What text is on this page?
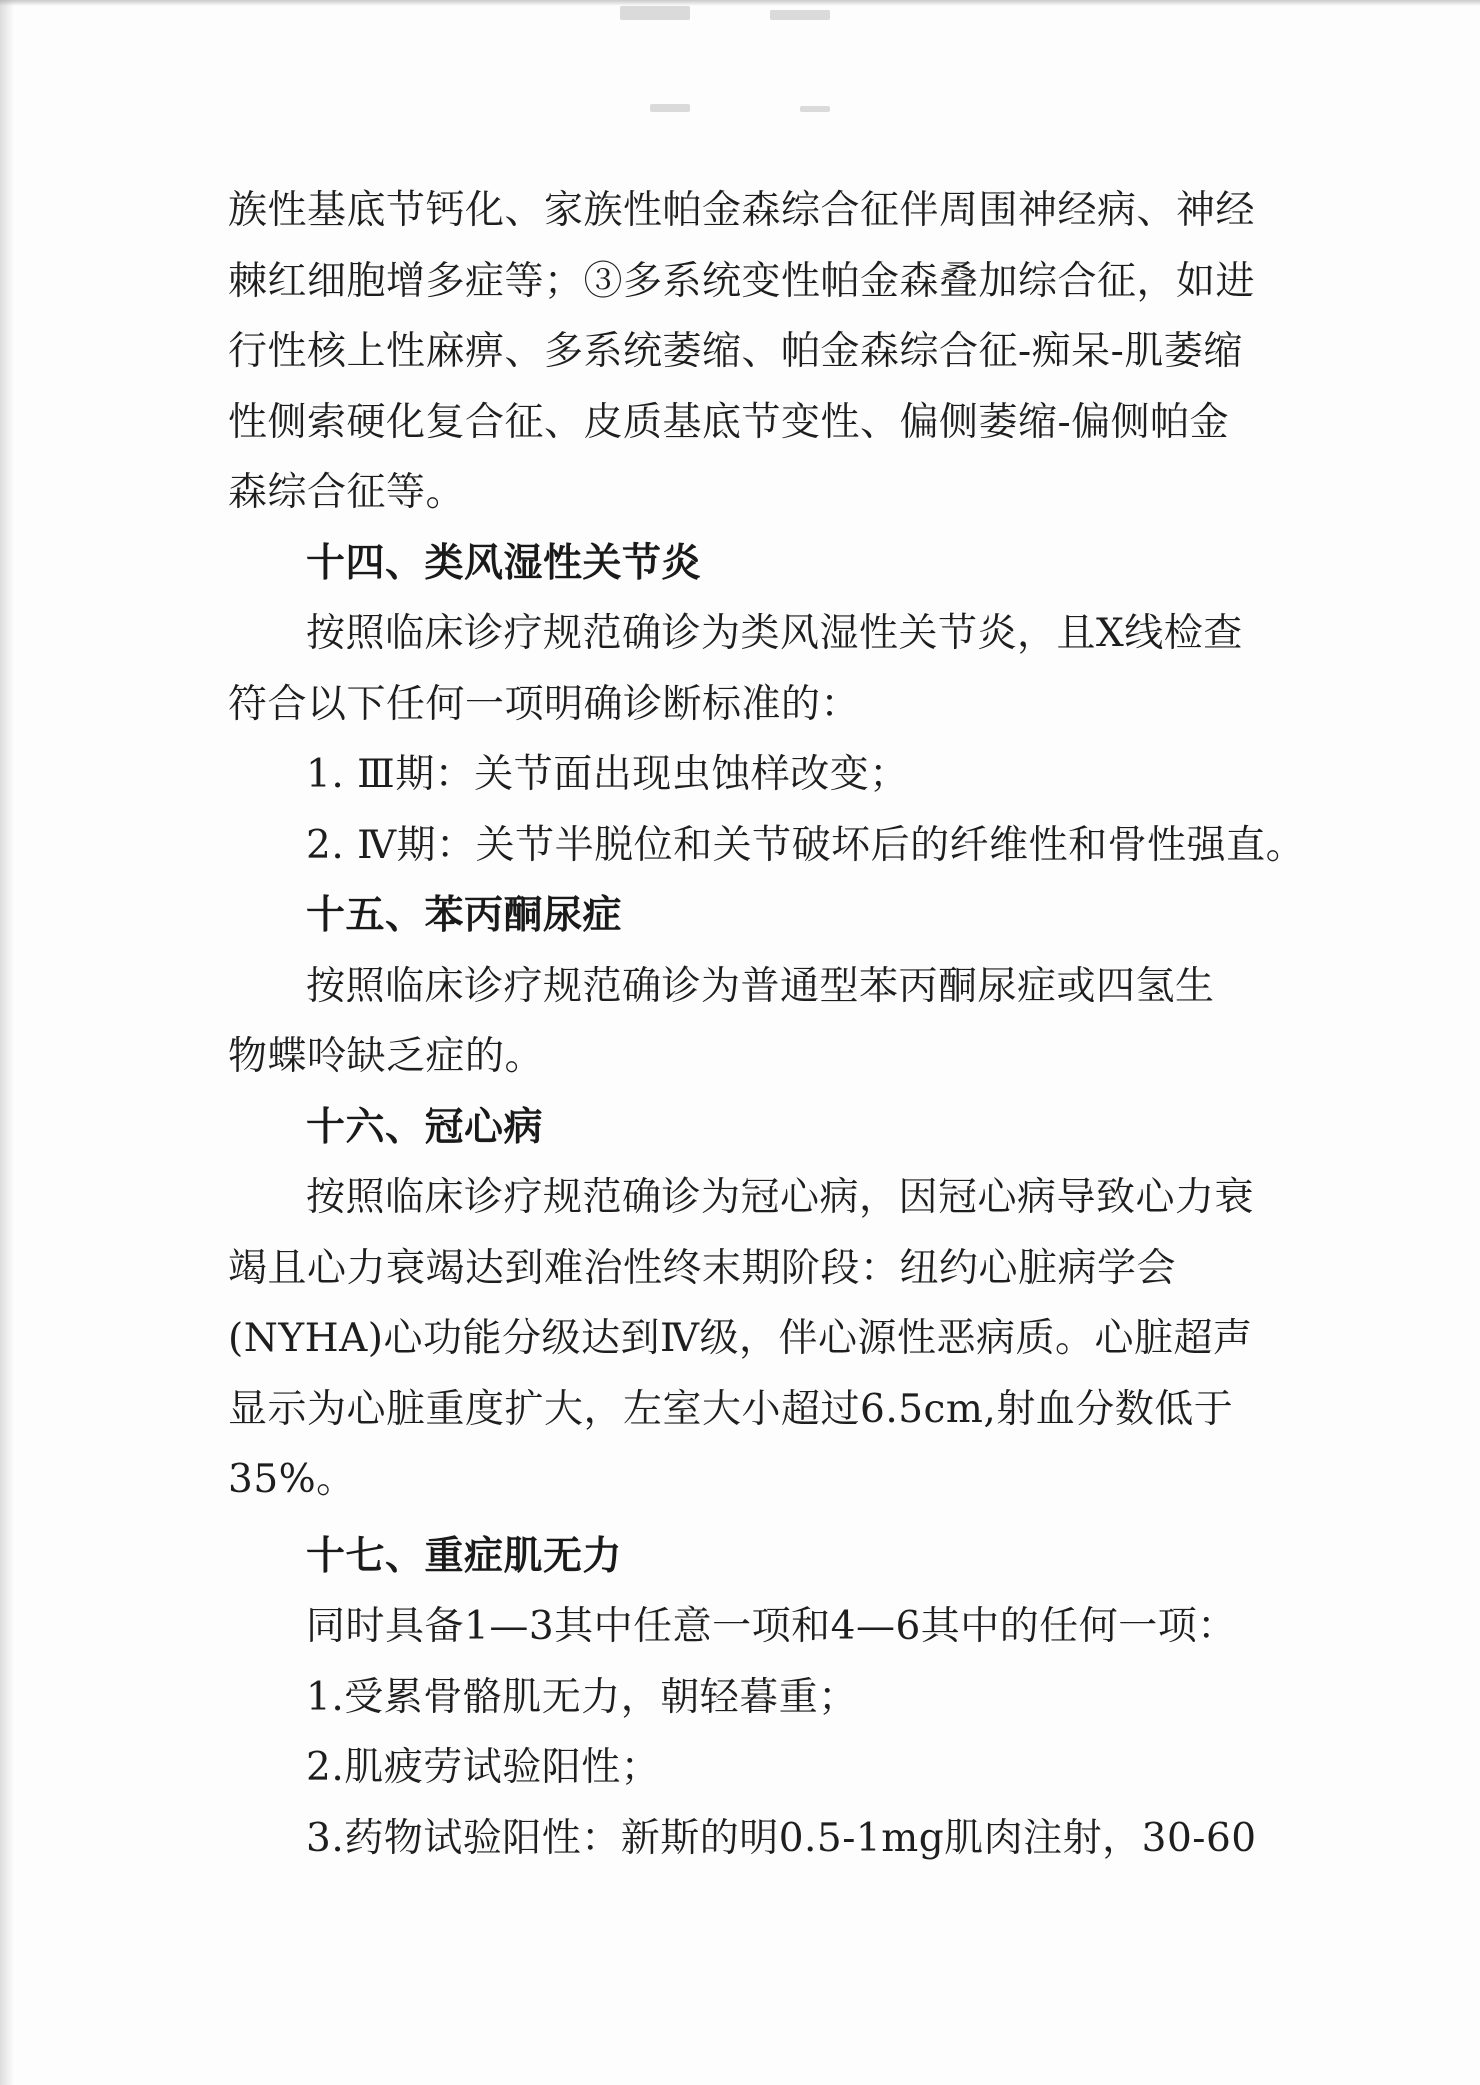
族性基底节钙化、家族性帕金森综合征伴周围神经病、神经
棘红细胞增多症等；③多系统变性帕金森叠加综合征，如进
行性核上性麻痹、多系统萎缩、帕金森综合征-痴呆-肌萎缩
性侧索硬化复合征、皮质基底节变性、偏侧萎缩-偏侧帕金
森综合征等。
十四、类风湿性关节炎
按照临床诊疗规范确诊为类风湿性关节炎，且X线检查
符合以下任何一项明确诊断标准的：
1. Ⅲ期：关节面出现虫蚀样改变；
2. Ⅳ期：关节半脱位和关节破坏后的纤维性和骨性强直。
十五、苯丙酮尿症
按照临床诊疗规范确诊为普通型苯丙酮尿症或四氢生
物蝶呤缺乏症的。
十六、冠心病
按照临床诊疗规范确诊为冠心病，因冠心病导致心力衰
竭且心力衰竭达到难治性终末期阶段：纽约心脏病学会
(NYHA)心功能分级达到Ⅳ级，伴心源性恶病质。心脏超声
显示为心脏重度扩大，左室大小超过6.5cm,射血分数低于
35%。
十七、重症肌无力
同时具备1—3其中任意一项和4—6其中的任何一项：
1.受累骨骼肌无力，朝轻暮重；
2.肌疲劳试验阳性；
3.药物试验阳性：新斯的明0.5-1mg肌肉注射，30-60
